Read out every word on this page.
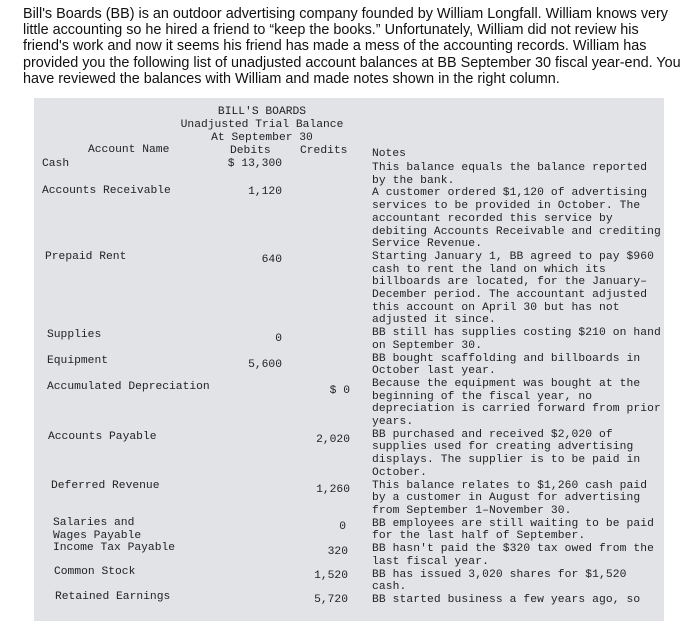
Bill's Boards (BB) is an outdoor advertising company founded by William Longfall. William knows very little accounting so he hired a friend to “keep the books.” Unfortunately, William did not review his friend's work and now it seems his friend has made a mess of the accounting records. William has provided you the following list of unadjusted account balances at BB September 30 fiscal year-end. You have reviewed the balances with William and made notes shown in the right column.

BILL'S BOARDS
Unadjusted Trial Balance
At September 30
Account Name	Debits	Credits Notes
Cash
Accounts Receivable
Prepaid Rent
Supplies
Equipment
Accumulated Depreciation
Accounts Payable
Deferred Revenue
Salaries and Wages Payable
Income Tax Payable
Common Stock
Retained Earnings
$ 13,300
1,120
640
0
5,600
$ 0
2,020
1,260
0
320
1,520
5,720

This balance equals the balance reported by the bank.

A customer ordered $1,120 of advertising services to be provided in October. The accountant recorded this service by debiting Accounts Receivable and crediting Service Revenue.

Starting January 1, BB agreed to pay $960 cash to rent the land on which its billboards are located, for the January–December period. The accountant adjusted this account on April 30 but has not adjusted it since.

BB still has supplies costing $210 on hand on September 30.

BB bought scaffolding and billboards in October last year.

Because the equipment was bought at the beginning of the fiscal year, no depreciation is carried forward from prior years.

BB purchased and received $2,020 of supplies used for creating advertising displays. The supplier is to be paid in October.

This balance relates to $1,260 cash paid by a customer in August for advertising from September 1–November 30.

BB employees are still waiting to be paid for the last half of September.

BB hasn't paid the $320 tax owed from the last fiscal year.

BB has issued 3,020 shares for $1,520 cash.

BB started business a few years ago, so
